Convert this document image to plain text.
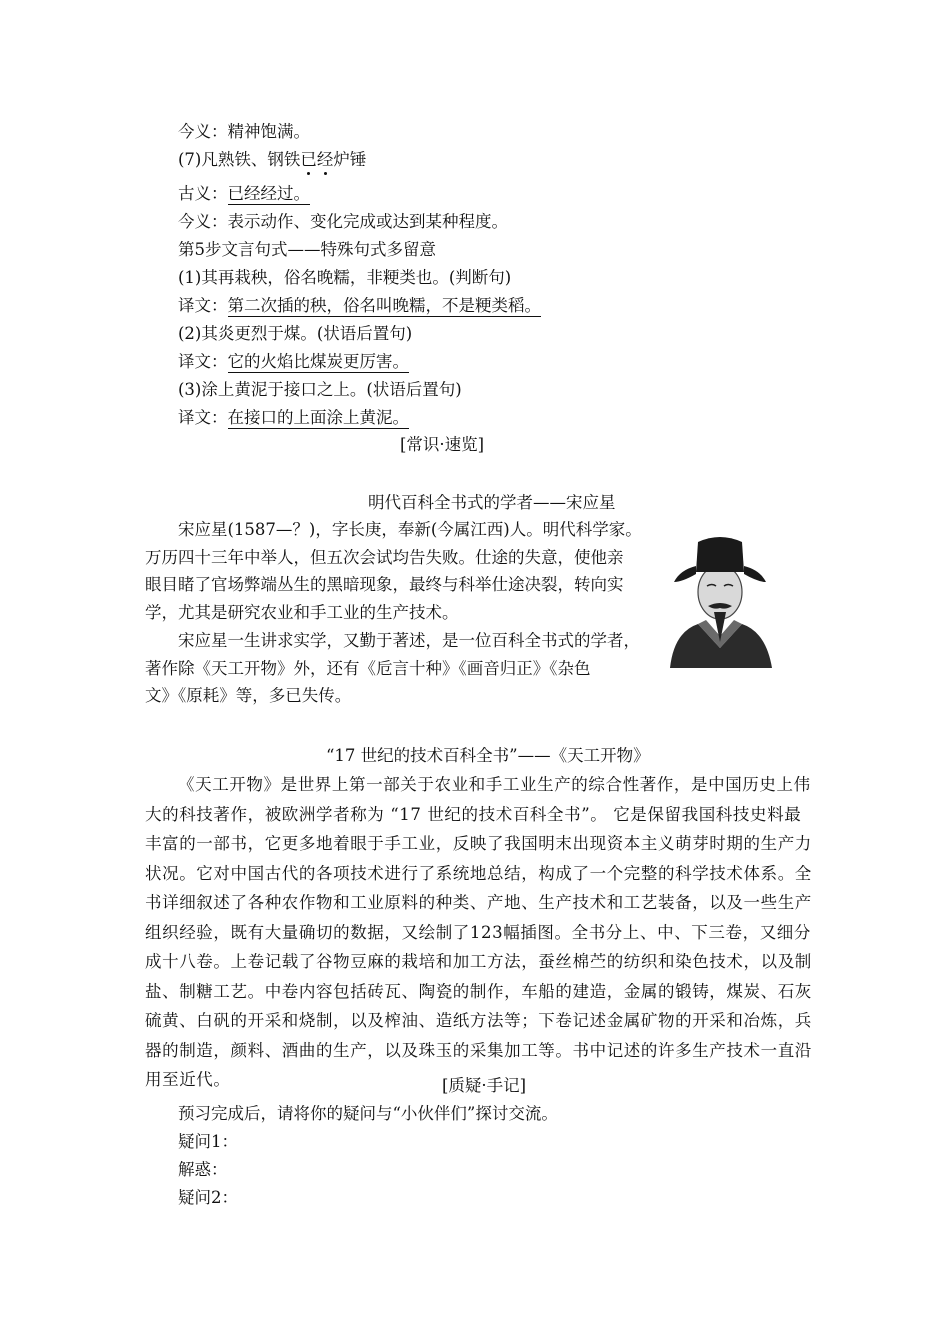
今义：精神饱满。
(7)凡熟铁、钢铁已经炉锤
古义：已经经过。
今义：表示动作、变化完成或达到某种程度。
第5步文言句式——特殊句式多留意
(1)其再栽秧，俗名晚糯，非粳类也。(判断句)
译文：第二次插的秧，俗名叫晚糯，不是粳类稻。
(2)其炎更烈于煤。(状语后置句)
译文：它的火焰比煤炭更厉害。
(3)涂上黄泥于接口之上。(状语后置句)
译文：在接口的上面涂上黄泥。
[常识·速览]
明代百科全书式的学者——宋应星
宋应星(1587—？)，字长庚，奉新(今属江西)人。明代科学家。
万历四十三年中举人，但五次会试均告失败。仕途的失意，使他亲
眼目睹了官场弊端丛生的黑暗现象，最终与科举仕途决裂，转向实
学，尤其是研究农业和手工业的生产技术。
宋应星一生讲求实学，又勤于著述，是一位百科全书式的学者，
著作除《天工开物》外，还有《卮言十种》《画音归正》《杂色
文》《原耗》等，多已失传。
“17 世纪的技术百科全书”——《天工开物》
《天工开物》是世界上第一部关于农业和手工业生产的综合性著作，是中国历史上伟大的科技著作，被欧洲学者称为 “17 世纪的技术百科全书”。 它是保留我国科技史料最丰富的一部书，它更多地着眼于手工业，反映了我国明末出现资本主义萌芽时期的生产力状况。它对中国古代的各项技术进行了系统地总结，构成了一个完整的科学技术体系。全书详细叙述了各种农作物和工业原料的种类、产地、生产技术和工艺装备，以及一些生产组织经验，既有大量确切的数据，又绘制了123幅插图。全书分上、中、下三卷，又细分成十八卷。上卷记载了谷物豆麻的栽培和加工方法，蚕丝棉苎的纺织和染色技术，以及制盐、制糖工艺。中卷内容包括砖瓦、陶瓷的制作，车船的建造，金属的锻铸，煤炭、石灰硫黄、白矾的开采和烧制，以及榨油、造纸方法等；下卷记述金属矿物的开采和冶炼，兵器的制造，颜料、酒曲的生产，以及珠玉的采集加工等。书中记述的许多生产技术一直沿用至近代。	[质疑·手记]
预习完成后，请将你的疑问与“小伙伴们”探讨交流。
疑问1：
解惑：
疑问2：
